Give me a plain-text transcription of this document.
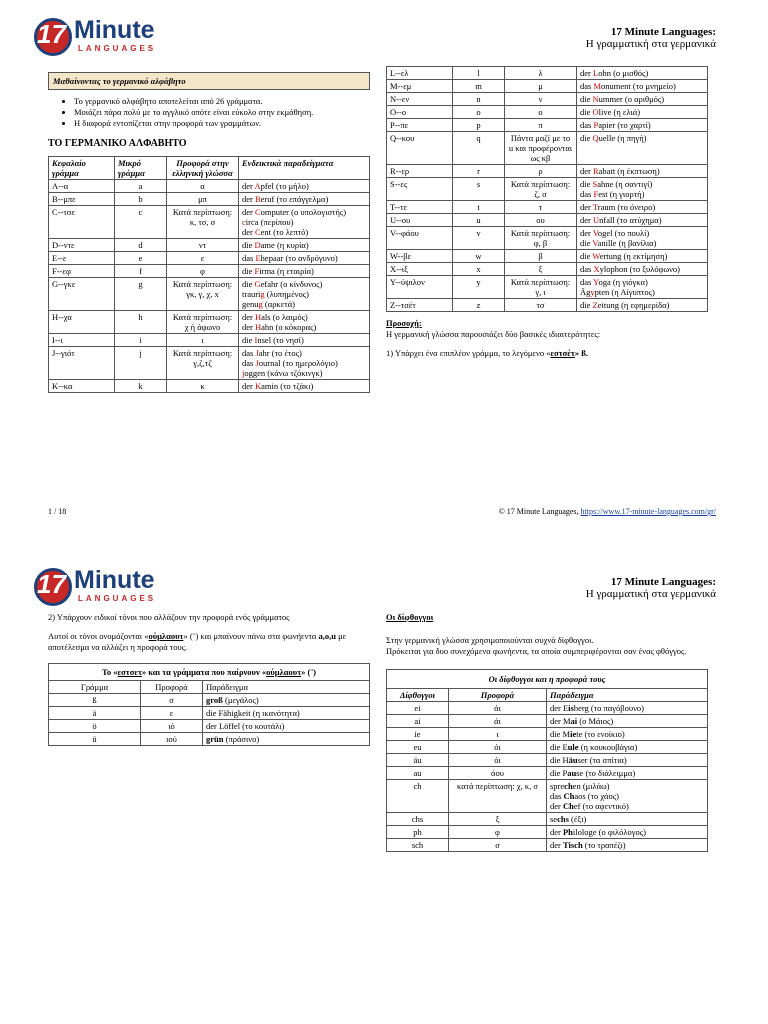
17 Minute
LANGUAGES
17 Minute Languages:
Η γραμματική στα γερμανικά
Μαθαίνοντας το γερμανικό αλφάβητο
• Το γερμανικό αλφάβητο αποτελείται από 26 γράμματα.
• Μοιάζει πάρα πολύ με το αγγλικό οπότε είναι εύκολο στην εκμάθηση.
• Η διαφορά εντοπίζεται στην προφορά των γραμμάτων.
ΤΟ ΓΕΡΜΑΝΙΚΟ ΑΛΦΑΒΗΤΟ
Κεφαλαίο γράμμα	Μικρό γράμμα	Προφορά στην ελληνική γλώσσα	Ενδεικτικά παραδείγματα
A--α	a	α	der Apfel (το μήλο)

B--μπε	b	μπ	der Beruf (το επάγγελμα)

C--τσε	c	Κατά περίπτωση: κ, τσ, σ	der Computer (ο υπολογιστής)
circa (περίπου)
der Cent (το λεπτό)

D--ντε	d	ντ	die Dame (η κυρία)

E--ε	e	ε	das Ehepaar (το ανδρόγυνο)

F--εφ	f	φ	die Firma (η εταιρία)

G--γκε	g	Κατά περίπτωση: γκ, γ, χ, x	die Gefahr (ο κίνδυνος)
traurig (λυπημένος)
genug (αρκετά)

H--χα	h	Κατά περίπτωση: χ ή άφωνο	der Hals (ο λαιμός)
der Hahn (ο κόκορας)

I--ι	i	ι	die Insel (το νησί)

J--γιότ	j	Κατά περίπτωση: γ,ζ,τζ	das Jahr (το έτος)
das Journal (το ημερολόγιο)
joggen (κάνω τζόκινγκ)

K--κα	k	κ	der Kamin (το τζάκι)
L--ελ	l	λ	der Lohn (ο μισθός)

M--εμ	m	μ	das Monument (το μνημείο)

N--εν	n	ν	die Nummer (ο αριθμός)

O--ο	o	ο	die Olive (η ελιά)

P--πε	p	π	das Papier (το χαρτί)

Q--κου	q	Πάντα μαζί με το u και προφέρονται ως κβ	die Quelle (η πηγή)

R--ερ	r	ρ	der Rabatt (η έκπτωση)

S--ες	s	Κατά περίπτωση: ζ, σ	die Sahne (η σαντιγί)
das Fest (η γιορτή)

T--τε	t	τ	der Traum (το όνειρο)

U--ου	u	ου	der Unfall (το ατύχημα)

V--φάου	v	Κατά περίπτωση: φ, β	der Vogel (το πουλί)
die Vanille (η βανίλια)

W--βε	w	β	die Wertung (η εκτίμηση)

X--ιξ	x	ξ	das Xylophon (το ξυλόφωνο)

Y--ύψιλον	y	Κατά περίπτωση: γ, ι	das Yoga (η γιόγκα)
Ägypten (η Αίγυπτος)

Z--τσέτ	z	τσ	die Zeitung (η εφημερίδα)
Προσοχή:
Η γερμανική γλώσσα παρουσιάζει δύο βασικές ιδιαιτερότητες:
1) Υπάρχει ένα επιπλέον γράμμα, το λεγόμενο «εστσέτ» ß.
1 / 18	© 17 Minute Languages, https://www.17-minute-languages.com/gr/
17 Minute
LANGUAGES
17 Minute Languages:
Η γραμματική στα γερμανικά
2) Υπάρχουν ειδικοί τόνοι που αλλάζουν την προφορά ενός γράμματος
Αυτοί οι τόνοι ονομάζονται «ούμλαουτ» (¨) και μπαίνουν πάνω στα φωνήεντα a,o,u με αποτέλεσμα να αλλάζει η προφορά τους.
Το «εστσετ» και τα γράμματα που παίρνουν «ούμλαουτ» (¨)		
Γράμμα	Προφορά	Παράδειγμα
ß	σ	groß (μεγάλος)
ä	ε	die Fähigkeit (η ικανότητα)
ö	ιό	der Löffel (το κουτάλι)
ü	ιού	grün (πράσινο)
Οι δίφθογγοι
Στην γερμανική γλώσσα χρησιμοποιούνται συχνά δίφθογγοι.
Πρόκειται για δυο συνεχόμενα φωνήεντα, τα οποία συμπεριφέρονται σαν ένας φθόγγος.
Οι δίφθογγοι και η προφορά τους		
Δίφθογγοι	Προφορά	Παράδειγμα
ei	άι	der Eisberg (το παγόβουνο)

ai	άι	der Mai (ο Μάιος)

ie	ι	die Miete (το ενοίκιο)

eu	όι	die Eule (η κουκουβάγια)

äu	όι	die Häuser (τα σπίτια)

au	άου	die Pause (το διάλειμμα)

ch	κατά περίπτωση: χ, κ, σ	sprechen (μιλάω)
das Chaos (το χάος)
der Chef (το αφεντικό)

chs	ξ	sechs (έξι)

ph	φ	der Philologe (ο φιλόλογος)

sch	σ	der Tisch (το τραπέζι)
